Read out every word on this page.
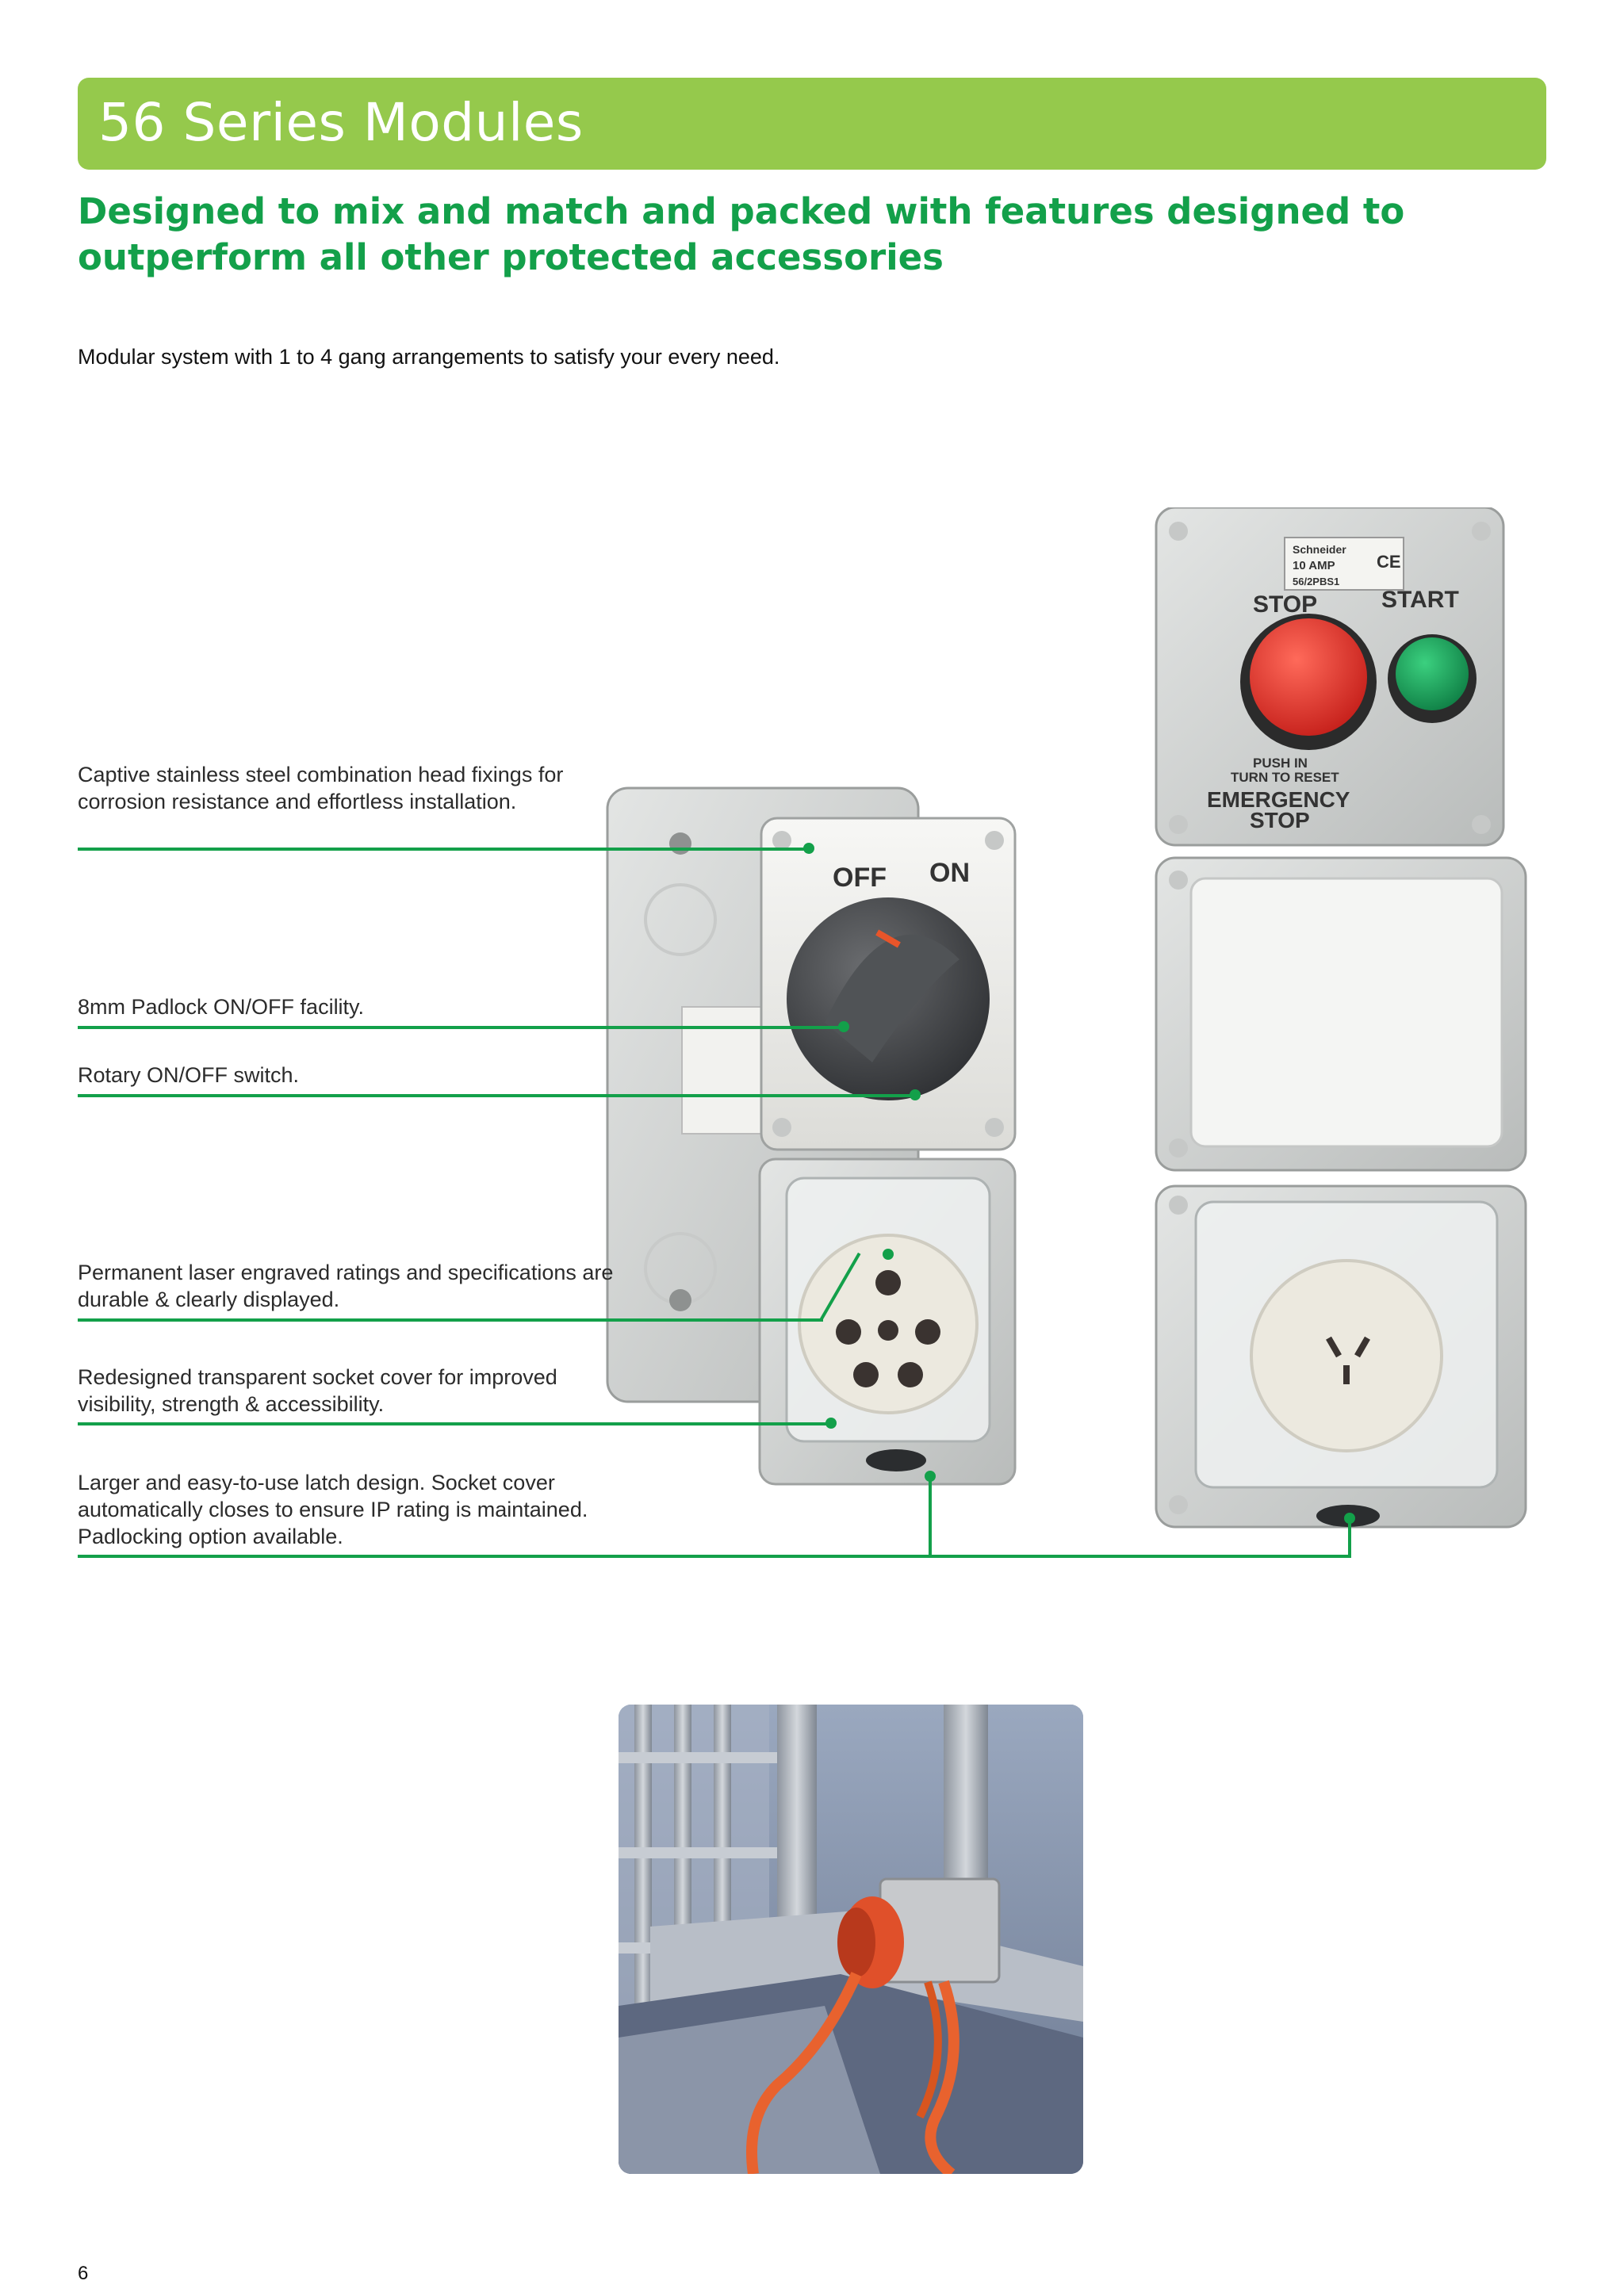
56 Series Modules
Designed to mix and match and packed with features designed to outperform all other protected accessories
Modular system with 1 to 4 gang arrangements to satisfy your every need.
OFF ON
Schneider
10 AMP
56/2PBS1
CE
STOP	START
PUSH IN
TURN TO RESET
EMERGENCY
STOP
Captive stainless steel combination head fixings for corrosion resistance and effortless installation.
8mm Padlock ON/OFF facility.
Rotary ON/OFF switch.
Permanent laser engraved ratings and specifications are durable & clearly displayed.
Redesigned transparent socket cover for improved visibility, strength & accessibility.
Larger and easy-to-use latch design. Socket cover automatically closes to ensure IP rating is maintained. Padlocking option available.
6
